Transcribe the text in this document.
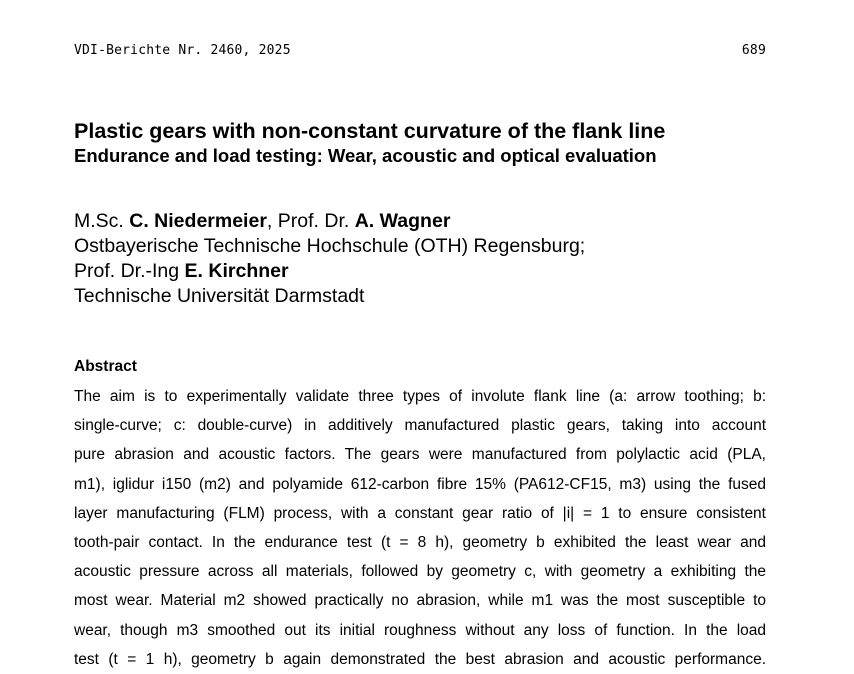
VDI-Berichte Nr. 2460, 2025	689
Plastic gears with non-constant curvature of the flank line
Endurance and load testing: Wear, acoustic and optical evaluation
M.Sc. C. Niedermeier, Prof. Dr. A. Wagner
Ostbayerische Technische Hochschule (OTH) Regensburg;
Prof. Dr.-Ing E. Kirchner
Technische Universität Darmstadt
Abstract
The aim is to experimentally validate three types of involute flank line (a: arrow toothing; b:
single-curve; c: double-curve) in additively manufactured plastic gears, taking into account
pure abrasion and acoustic factors. The gears were manufactured from polylactic acid (PLA,
m1), iglidur i150 (m2) and polyamide 612-carbon fibre 15% (PA612-CF15, m3) using the fused
layer manufacturing (FLM) process, with a constant gear ratio of |i| = 1 to ensure consistent
tooth-pair contact. In the endurance test (t = 8 h), geometry b exhibited the least wear and
acoustic pressure across all materials, followed by geometry c, with geometry a exhibiting the
most wear. Material m2 showed practically no abrasion, while m1 was the most susceptible to
wear, though m3 smoothed out its initial roughness without any loss of function. In the load
test (t = 1 h), geometry b again demonstrated the best abrasion and acoustic performance.
